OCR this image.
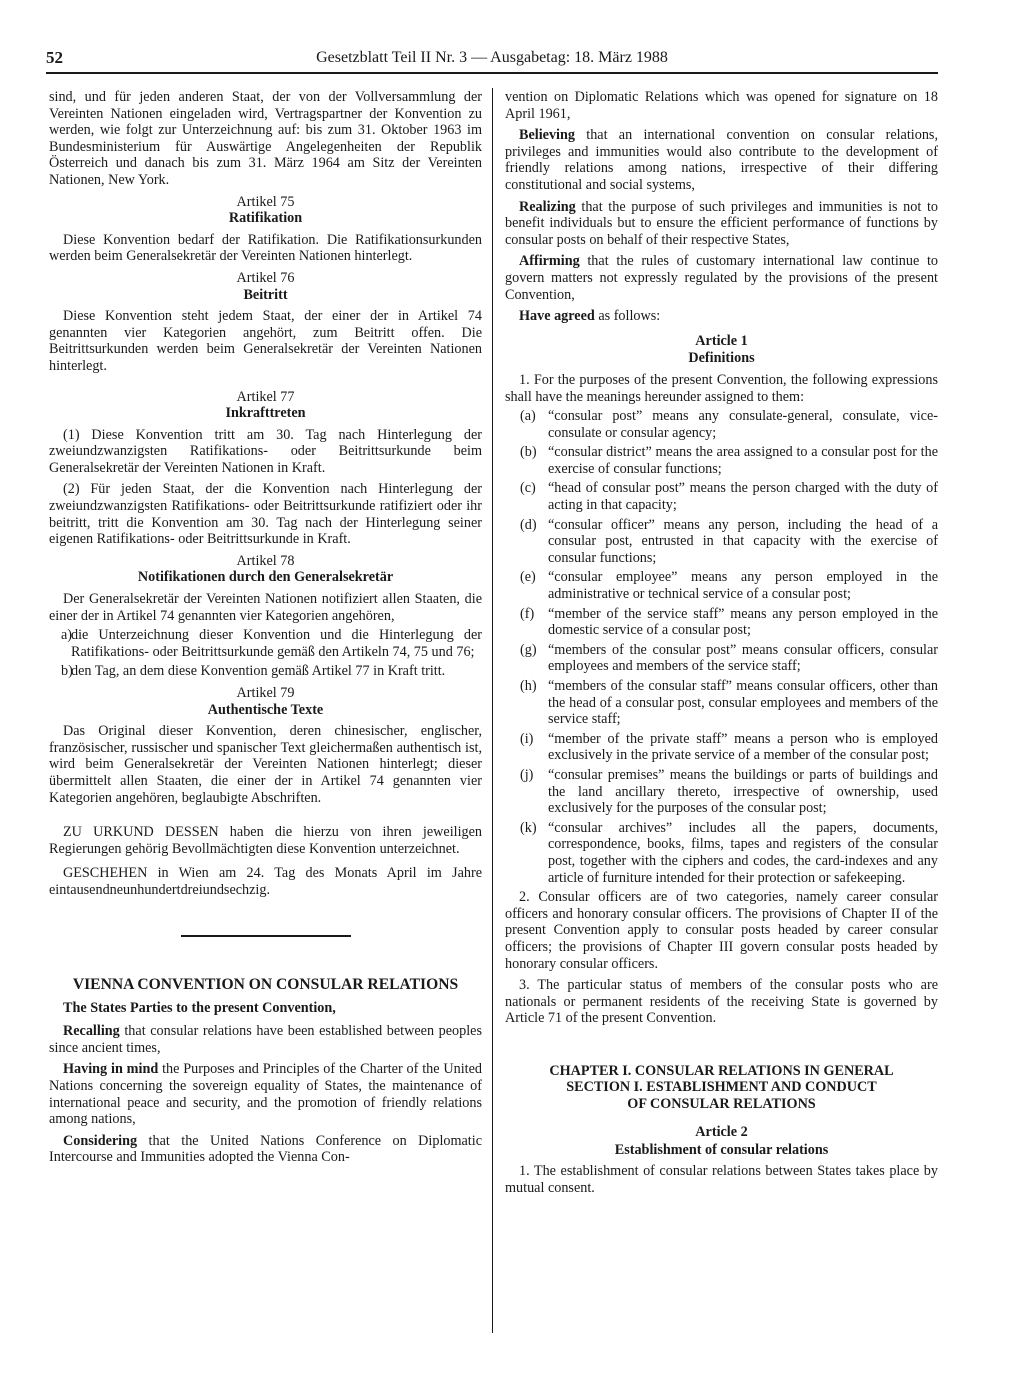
52	Gesetzblatt Teil II Nr. 3 — Ausgabetag: 18. März 1988

sind, und für jeden anderen Staat, der von der Vollversammlung der Vereinten Nationen eingeladen wird, Vertragspartner der Konvention zu werden, wie folgt zur Unterzeichnung auf: bis zum 31. Oktober 1963 im Bundesministerium für Auswärtige Angelegenheiten der Republik Österreich und danach bis zum 31. März 1964 am Sitz der Vereinten Nationen, New York.

Artikel 75

Ratifikation

Diese Konvention bedarf der Ratifikation. Die Ratifikationsurkunden werden beim Generalsekretär der Vereinten Nationen hinterlegt.

Artikel 76

Beitritt

Diese Konvention steht jedem Staat, der einer der in Artikel 74 genannten vier Kategorien angehört, zum Beitritt offen. Die Beitrittsurkunden werden beim Generalsekretär der Vereinten Nationen hinterlegt.

Artikel 77

Inkrafttreten

(1) Diese Konvention tritt am 30. Tag nach Hinterlegung der zweiundzwanzigsten Ratifikations- oder Beitrittsurkunde beim Generalsekretär der Vereinten Nationen in Kraft.

(2) Für jeden Staat, der die Konvention nach Hinterlegung der zweiundzwanzigsten Ratifikations- oder Beitrittsurkunde ratifiziert oder ihr beitritt, tritt die Konvention am 30. Tag nach der Hinterlegung seiner eigenen Ratifikations- oder Beitrittsurkunde in Kraft.

Artikel 78

Notifikationen durch den Generalsekretär

Der Generalsekretär der Vereinten Nationen notifiziert allen Staaten, die einer der in Artikel 74 genannten vier Kategorien angehören,

a)
die Unterzeichnung dieser Konvention und die Hinterlegung der Ratifikations- oder Beitrittsurkunde gemäß den Artikeln 74, 75 und 76;
b)
den Tag, an dem diese Konvention gemäß Artikel 77 in Kraft tritt.

Artikel 79

Authentische Texte

Das Original dieser Konvention, deren chinesischer, englischer, französischer, russischer und spanischer Text gleichermaßen authentisch ist, wird beim Generalsekretär der Vereinten Nationen hinterlegt; dieser übermittelt allen Staaten, die einer der in Artikel 74 genannten vier Kategorien angehören, beglaubigte Abschriften.

ZU URKUND DESSEN haben die hierzu von ihren jeweiligen Regierungen gehörig Bevollmächtigten diese Konvention unterzeichnet.

GESCHEHEN in Wien am 24. Tag des Monats April im Jahre eintausendneunhundertdreiundsechzig.

VIENNA CONVENTION ON CONSULAR RELATIONS

The States Parties to the present Convention,

Recalling that consular relations have been established between peoples since ancient times,

Having in mind the Purposes and Principles of the Charter of the United Nations concerning the sovereign equality of States, the maintenance of international peace and security, and the promotion of friendly relations among nations,

Considering that the United Nations Conference on Diplomatic Intercourse and Immunities adopted the Vienna Con-

vention on Diplomatic Relations which was opened for signature on 18 April 1961,

Believing that an international convention on consular relations, privileges and immunities would also contribute to the development of friendly relations among nations, irrespective of their differing constitutional and social systems,

Realizing that the purpose of such privileges and immunities is not to benefit individuals but to ensure the efficient performance of functions by consular posts on behalf of their respective States,

Affirming that the rules of customary international law continue to govern matters not expressly regulated by the provisions of the present Convention,

Have agreed as follows:

Article 1

Definitions

1. For the purposes of the present Convention, the following expressions shall have the meanings hereunder assigned to them:

(a) “consular post” means any consulate-general, consulate, vice-consulate or consular agency;
(b) “consular district” means the area assigned to a consular post for the exercise of consular functions;
(c) “head of consular post” means the person charged with the duty of acting in that capacity;
(d) “consular officer” means any person, including the head of a consular post, entrusted in that capacity with the exercise of consular functions;
(e) “consular employee” means any person employed in the administrative or technical service of a consular post;
(f) “member of the service staff” means any person employed in the domestic service of a consular post;
(g) “members of the consular post” means consular officers, consular employees and members of the service staff;
(h) “members of the consular staff” means consular officers, other than the head of a consular post, consular employees and members of the service staff;
(i) “member of the private staff” means a person who is employed exclusively in the private service of a member of the consular post;
(j) “consular premises” means the buildings or parts of buildings and the land ancillary thereto, irrespective of ownership, used exclusively for the purposes of the consular post;
(k) “consular archives” includes all the papers, documents, correspondence, books, films, tapes and registers of the consular post, together with the ciphers and codes, the card-indexes and any article of furniture intended for their protection or safekeeping.

2. Consular officers are of two categories, namely career consular officers and honorary consular officers. The provisions of Chapter II of the present Convention apply to consular posts headed by career consular officers; the provisions of Chapter III govern consular posts headed by honorary consular officers.

3. The particular status of members of the consular posts who are nationals or permanent residents of the receiving State is governed by Article 71 of the present Convention.

CHAPTER I. CONSULAR RELATIONS IN GENERAL

SECTION I. ESTABLISHMENT AND CONDUCT

OF CONSULAR RELATIONS

Article 2

Establishment of consular relations

1. The establishment of consular relations between States takes place by mutual consent.
